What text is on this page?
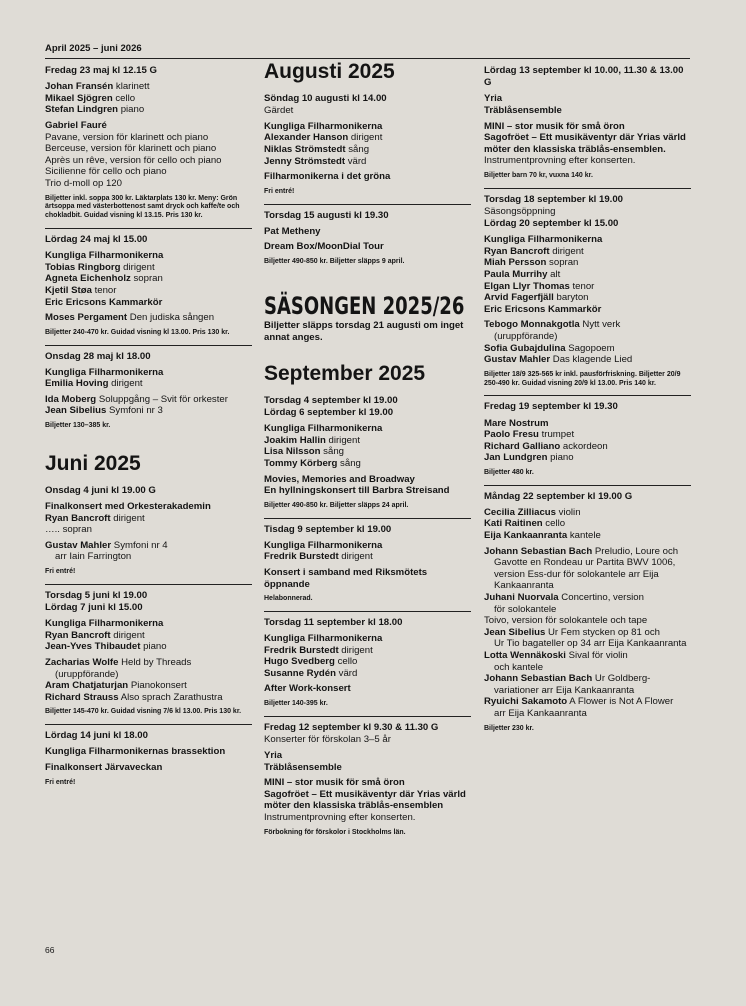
April 2025 – juni 2026
Fredag 23 maj kl 12.15 G
Johan Fransén klarinett
Mikael Sjögren cello
Stefan Lindgren piano
Gabriel Fauré
Pavane, version för klarinett och piano
Berceuse, version för klarinett och piano
Après un rêve, version för cello och piano
Sicilienne för cello och piano
Trio d-moll op 120
Biljetter inkl. soppa 300 kr. Läktarplats 130 kr. Meny: Grön ärtsoppa med västerbottenost samt dryck och kaffe/te och chokladbit. Guidad visning kl 13.15. Pris 130 kr.
Lördag 24 maj kl 15.00
Kungliga Filharmonikerna
Tobias Ringborg dirigent
Agneta Eichenholz sopran
Kjetil Støa tenor
Eric Ericsons Kammarkör
Moses Pergament Den judiska sången
Biljetter 240-470 kr. Guidad visning kl 13.00. Pris 130 kr.
Onsdag 28 maj kl 18.00
Kungliga Filharmonikerna
Emilia Hoving dirigent
Ida Moberg Soluppgång – Svit för orkester
Jean Sibelius Symfoni nr 3
Biljetter 130–385 kr.
Juni 2025
Onsdag 4 juni kl 19.00 G
Finalkonsert med Orkesterakademin
Ryan Bancroft dirigent
….. sopran
Gustav Mahler Symfoni nr 4
arr Iain Farrington
Fri entré!
Torsdag 5 juni kl 19.00
Lördag 7 juni kl 15.00
Kungliga Filharmonikerna
Ryan Bancroft dirigent
Jean-Yves Thibaudet piano
Zacharias Wolfe Held by Threads
(uruppförande)
Aram Chatjaturjan Pianokonsert
Richard Strauss Also sprach Zarathustra
Biljetter 145-470 kr. Guidad visning 7/6 kl 13.00. Pris 130 kr.
Lördag 14 juni kl 18.00
Kungliga Filharmonikernas brassektion
Finalkonsert Järvaveckan
Fri entré!
Augusti 2025
Söndag 10 augusti kl 14.00
Gärdet
Kungliga Filharmonikerna
Alexander Hanson dirigent
Niklas Strömstedt sång
Jenny Strömstedt värd
Filharmonikerna i det gröna
Fri entré!
Torsdag 15 augusti kl 19.30
Pat Metheny
Dream Box/MoonDial Tour
Biljetter 490-850 kr. Biljetter släpps 9 april.
SÄSONGEN 2025/26
Biljetter släpps torsdag 21 augusti om inget annat anges.
September 2025
Torsdag 4 september kl 19.00
Lördag 6 september kl 19.00
Kungliga Filharmonikerna
Joakim Hallin dirigent
Lisa Nilsson sång
Tommy Körberg sång
Movies, Memories and Broadway
En hyllningskonsert till Barbra Streisand
Biljetter 490-850 kr. Biljetter släpps 24 april.
Tisdag 9 september kl 19.00
Kungliga Filharmonikerna
Fredrik Burstedt dirigent
Konsert i samband med Riksmötets öppnande
Helabonnerad.
Torsdag 11 september kl 18.00
Kungliga Filharmonikerna
Fredrik Burstedt dirigent
Hugo Svedberg cello
Susanne Rydén värd
After Work-konsert
Biljetter 140-395 kr.
Fredag 12 september kl 9.30 & 11.30 G
Konserter för förskolan 3–5 år
Yria
Träblåsensemble
MINI – stor musik för små öron
Sagofröet – Ett musikäventyr där Yrias värld möter den klassiska träblås-ensemblen
Instrumentprovning efter konserten.
Förbokning för förskolor i Stockholms län.
Lördag 13 september kl 10.00, 11.30 & 13.00 G
Yria
Träblåsensemble
MINI – stor musik för små öron
Sagofröet – Ett musikäventyr där Yrias värld möter den klassiska träblås-ensemblen.
Instrumentprovning efter konserten.
Biljetter barn 70 kr, vuxna 140 kr.
Torsdag 18 september kl 19.00
Säsongsöppning
Lördag 20 september kl 15.00
Kungliga Filharmonikerna
Ryan Bancroft dirigent
Miah Persson sopran
Paula Murrihy alt
Elgan Llyr Thomas tenor
Arvid Fagerfjäll baryton
Eric Ericsons Kammarkör
Tebogo Monnakgotla Nytt verk
(uruppförande)
Sofia Gubajdulina Sagopoem
Gustav Mahler Das klagende Lied
Biljetter 18/9 325-565 kr inkl. pausförfriskning. Biljetter 20/9 250-490 kr. Guidad visning 20/9 kl 13.00. Pris 140 kr.
Fredag 19 september kl 19.30
Mare Nostrum
Paolo Fresu trumpet
Richard Galliano ackordeon
Jan Lundgren piano
Biljetter 480 kr.
Måndag 22 september kl 19.00 G
Cecilia Zilliacus violin
Kati Raitinen cello
Eija Kankaanranta kantele
Johann Sebastian Bach Preludio, Loure och
Gavotte en Rondeau ur Partita BWV 1006, version Ess-dur för solokantele arr Eija Kankaanranta
Juhani Nuorvala Concertino, version
för solokantele
Toivo, version för solokantele och tape
Jean Sibelius Ur Fem stycken op 81 och
Ur Tio bagateller op 34 arr Eija Kankaanranta
Lotta Wennäkoski Sival för violin
och kantele
Johann Sebastian Bach Ur Goldberg-
variationer arr Eija Kankaanranta
Ryuichi Sakamoto A Flower is Not A Flower
arr Eija Kankaanranta
Biljetter 230 kr.
66
